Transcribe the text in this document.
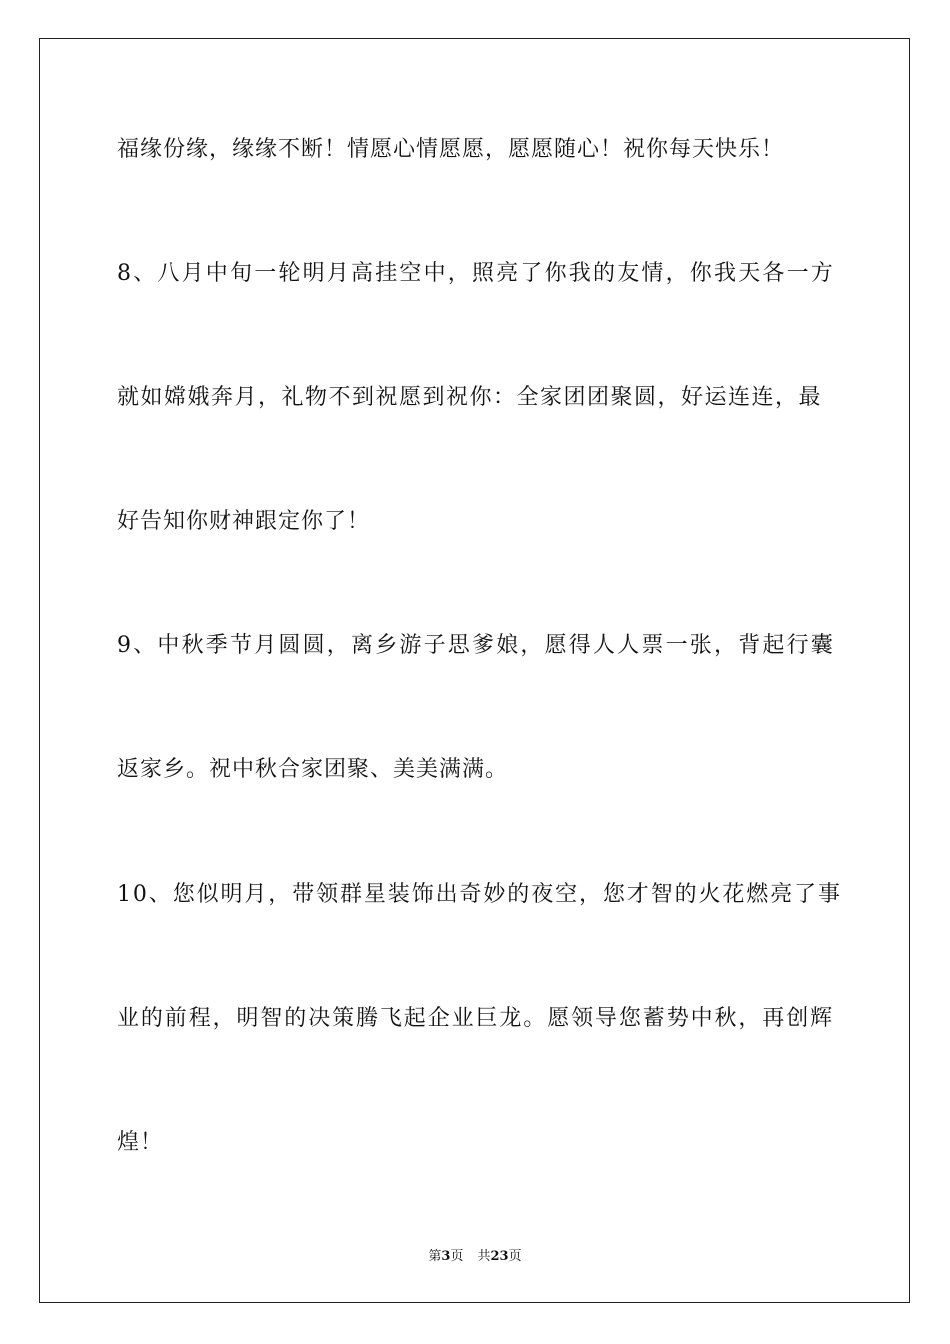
福缘份缘，缘缘不断！情愿心情愿愿，愿愿随心！祝你每天快乐！
8、八月中旬一轮明月高挂空中，照亮了你我的友情，你我天各一方
就如嫦娥奔月，礼物不到祝愿到祝你：全家团团聚圆，好运连连，最
好告知你财神跟定你了！
9、中秋季节月圆圆，离乡游子思爹娘，愿得人人票一张，背起行囊
返家乡。祝中秋合家团聚、美美满满。
10、您似明月，带领群星装饰出奇妙的夜空，您才智的火花燃亮了事
业的前程，明智的决策腾飞起企业巨龙。愿领导您蓄势中秋，再创辉
煌！
第3页 共23页
